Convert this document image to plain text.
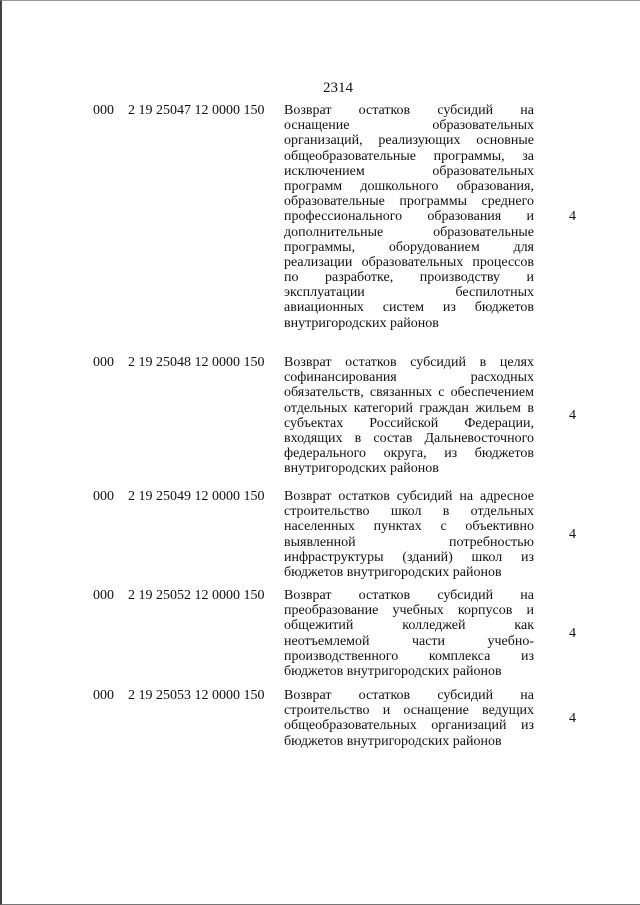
2314
000 2 19 25047 12 0000 150 Возврат остатков субсидий на
оснащение образовательных
организаций, реализующих основные
общеобразовательные программы, за
исключением образовательных
программ дошкольного образования,
образовательные программы среднего
профессионального образования и
дополнительные образовательные
программы, оборудованием для
реализации образовательных процессов
по разработке, производству и
эксплуатации беспилотных
авиационных систем из бюджетов
внутригородских районов
4
000 2 19 25048 12 0000 150 Возврат остатков субсидий в целях
софинансирования расходных
обязательств, связанных с обеспечением
отдельных категорий граждан жильем в
субъектах Российской Федерации,
входящих в состав Дальневосточного
федерального округа, из бюджетов
внутригородских районов
4
000 2 19 25049 12 0000 150 Возврат остатков субсидий на адресное
строительство школ в отдельных
населенных пунктах с объективно
выявленной потребностью
инфраструктуры (зданий) школ из
бюджетов внутригородских районов
4
000 2 19 25052 12 0000 150 Возврат остатков субсидий на
преобразование учебных корпусов и
общежитий колледжей как
неотъемлемой части учебно-
производственного комплекса из
бюджетов внутригородских районов
4
000 2 19 25053 12 0000 150 Возврат остатков субсидий на
строительство и оснащение ведущих
общеобразовательных организаций из
бюджетов внутригородских районов
4
